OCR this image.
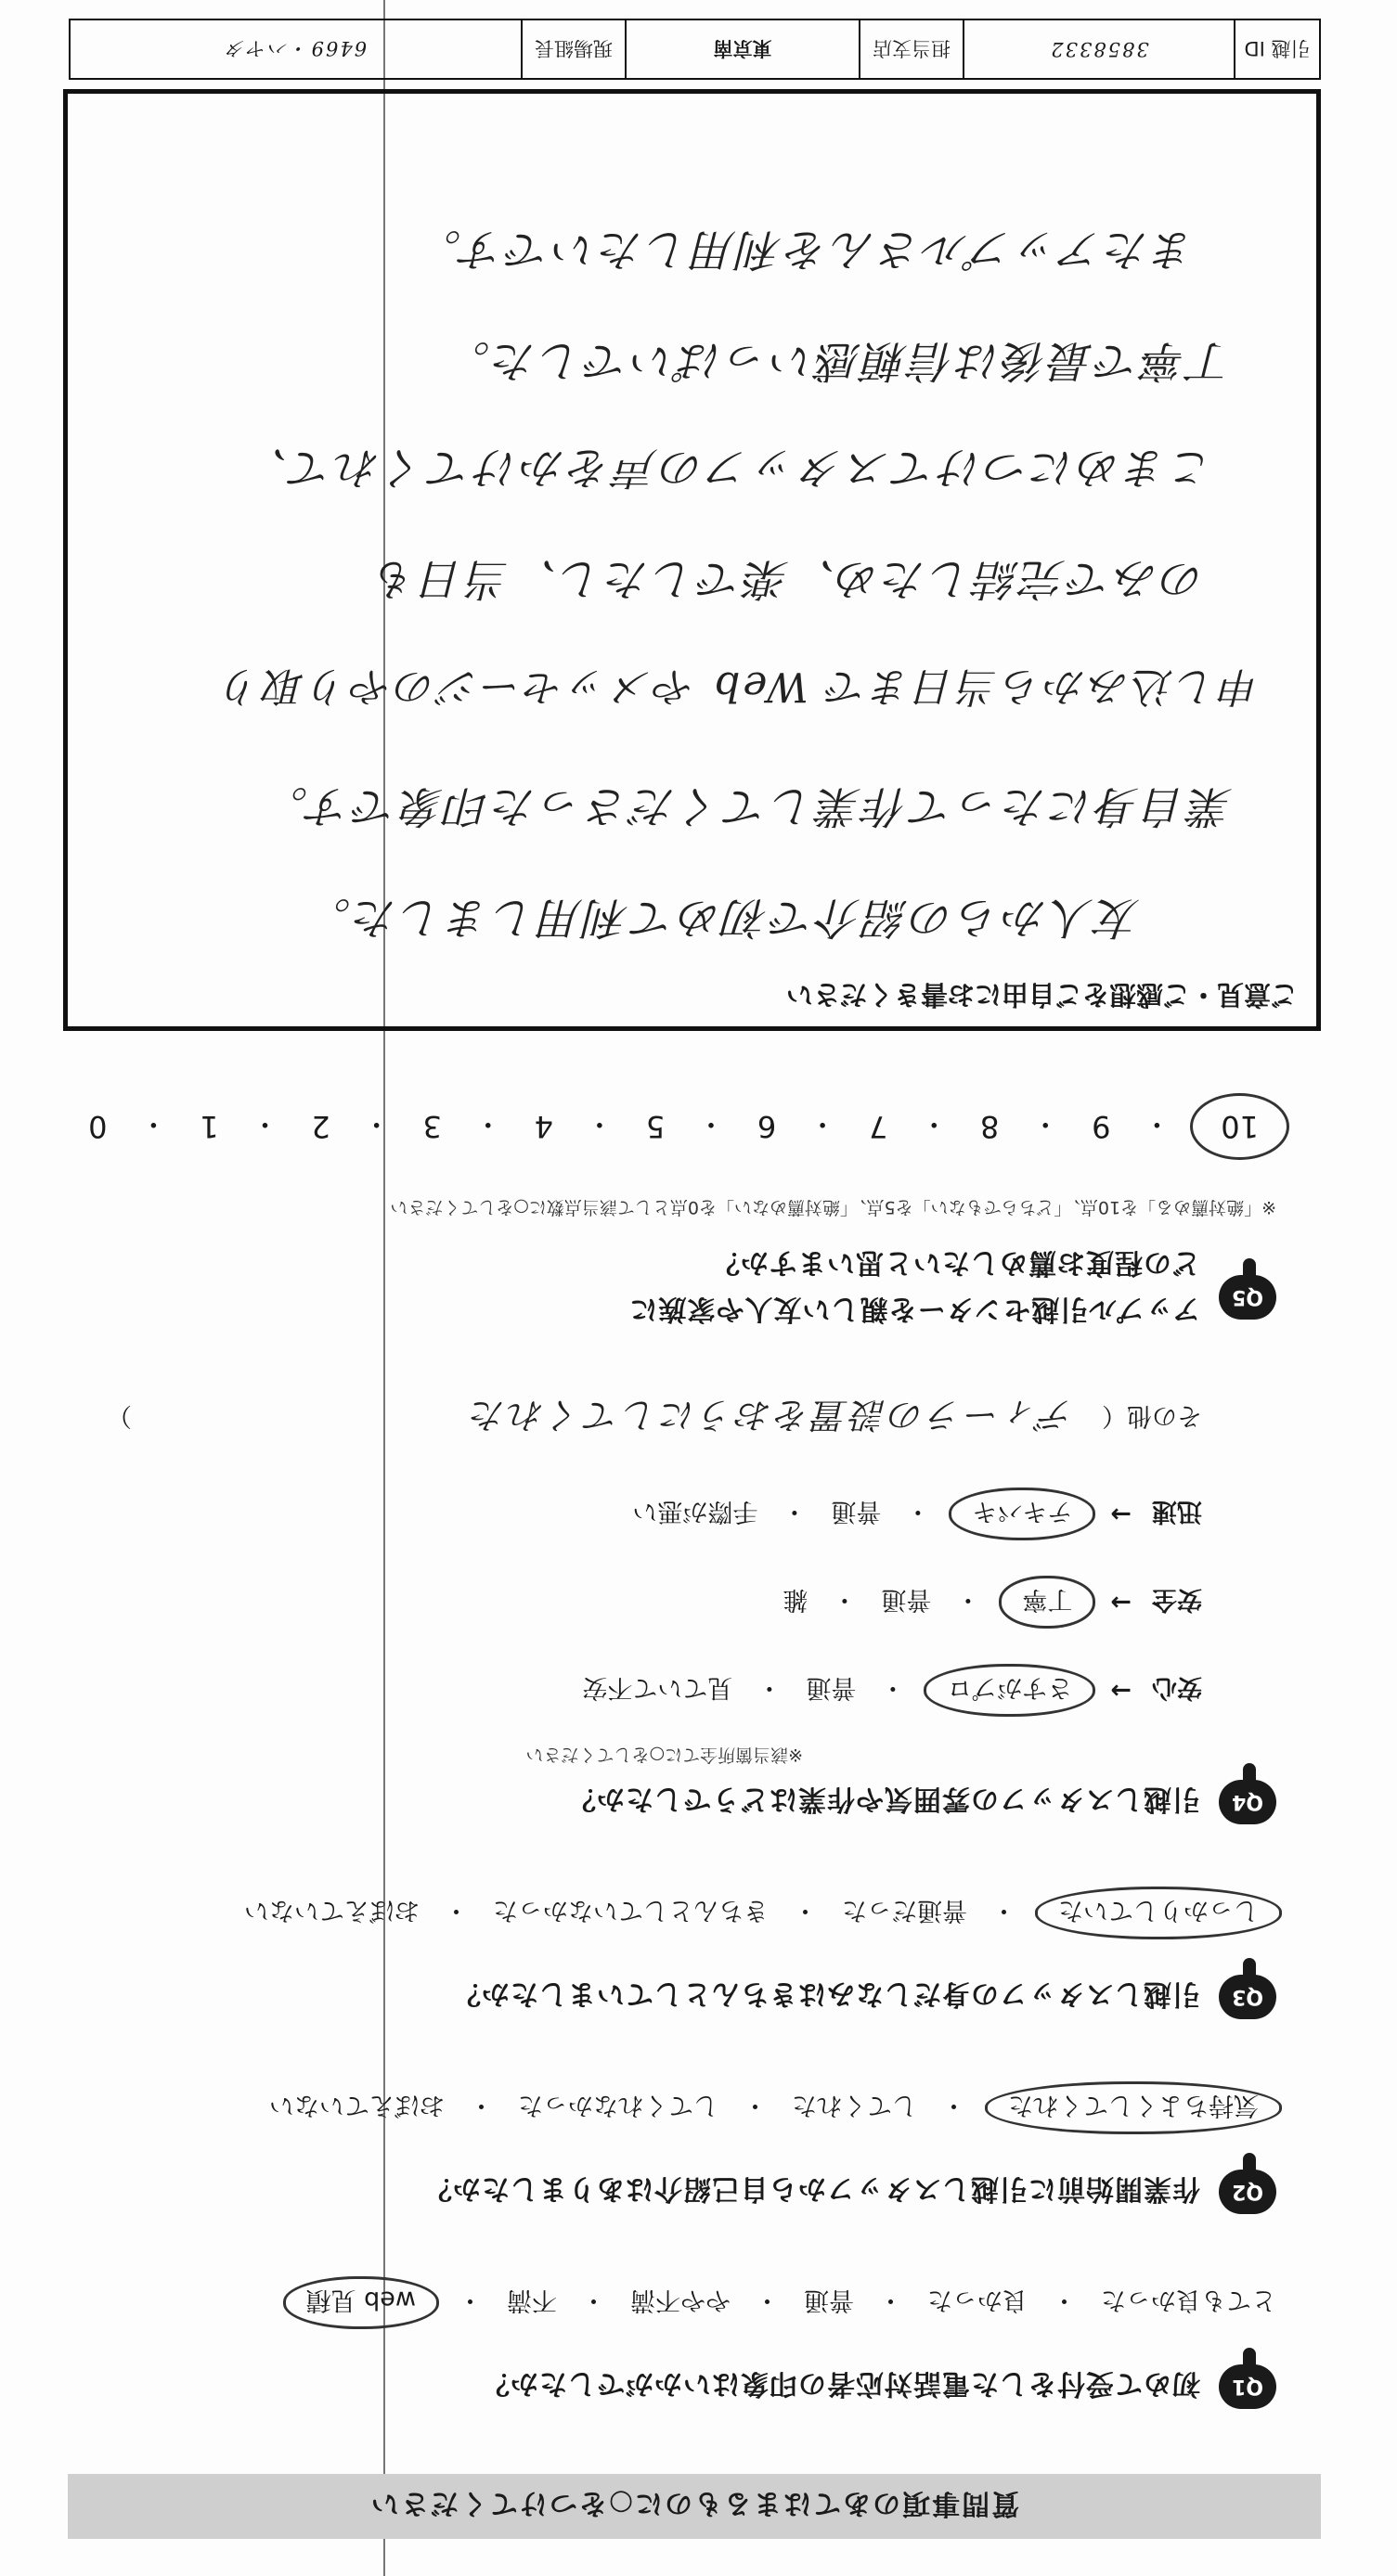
質問事項のあてはまるものに○をつけてください
Q1
初めて受付をした電話対応者の印象はいかがでしたか？
とても良かった
・
良かった
・
普通
・
やや不満
・
不満
・
web 見積
Q2
作業開始前に引越しスタッフから自己紹介はありましたか？
気持ちよくしてくれた
・
してくれた
・
してくれなかった
・
おぼえていない
Q3
引越しスタッフの身だしなみはきちんとしていましたか？
しっかりしていた
・
普通だった
・
きちんとしていなかった
・
おぼえていない
Q4
引越しスタッフの雰囲気や作業はどうでしたか？
※該当箇所全てに○をしてください
安心
→
さすがプロ
・
普通
・
見ていて不安
安全
→
丁寧
・
普通
・
雑
迅速
→
テキパキ
・
普通
・
手際が悪い
その他（
ディーラの設置をおうにしてくれた
）
Q5
アップル引越センターを親しい友人や家族に
どの程度お薦めしたいと思いますか？
※「絶対薦める」を10点、「どちらでもない」を5点、「絶対薦めない」を0点として該当点数に○をしてください
10
・
9
・
8
・
7
・
6
・
5
・
4
・
3
・
2
・
1
・
0
ご意見・ご感想をご自由にお書きください
友人からの紹介で初めて利用しました。
業自身にたって作業してくださった印象です。
申し込みから当日まで Web やメッセージのやり取り
のみで完結しため、楽でしたし、当日も
こまめにつけてスタッフの声をかけてくれて、
丁寧で最後は信頼感いっぱいでした。
またアップルさんを利用したいです。
引越 ID
3858332
担当支店
東京南
現場組長
6469・ハヤタ
